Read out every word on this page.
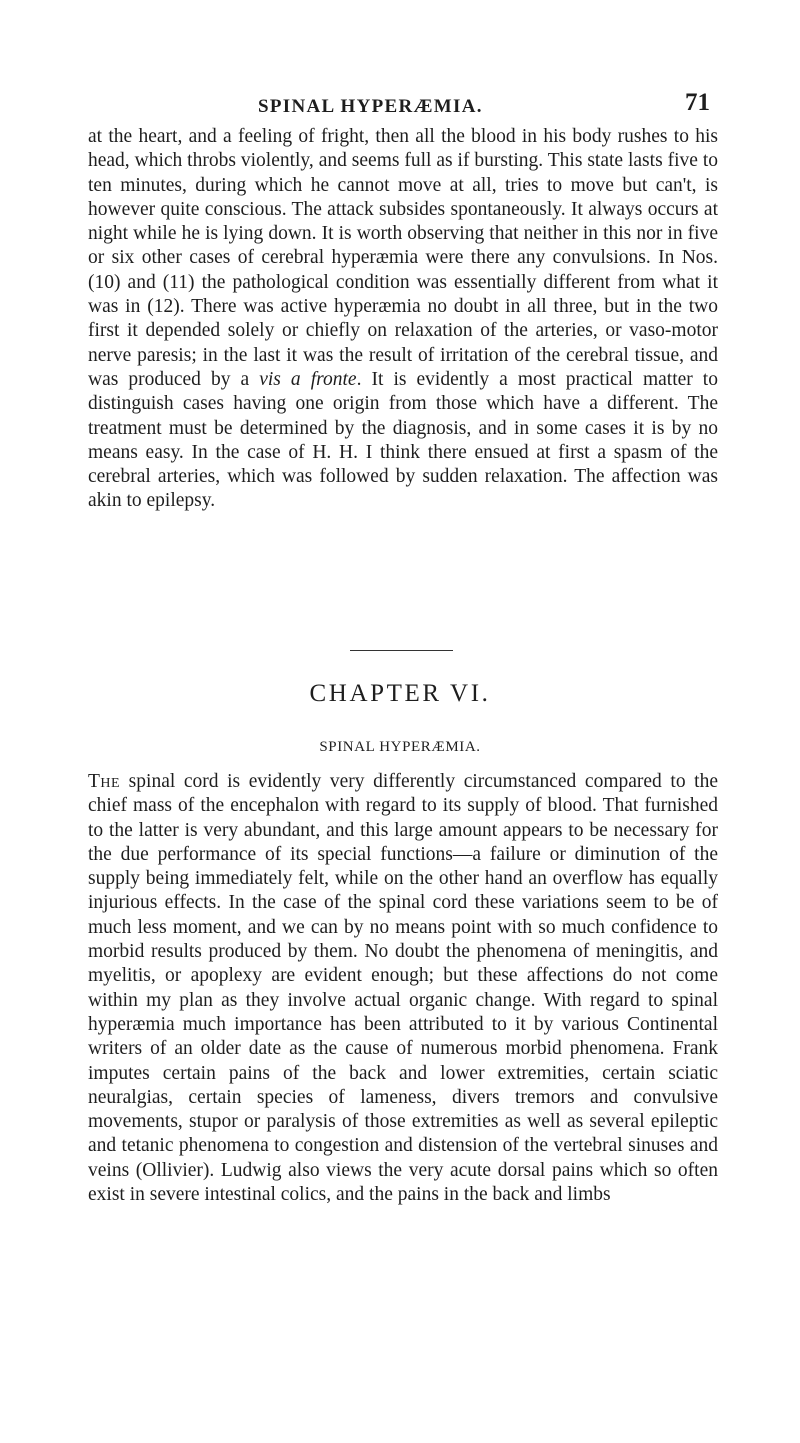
SPINAL HYPERÆMIA.	71

at the heart, and a feeling of fright, then all the blood in his body rushes to his head, which throbs violently, and seems full as if bursting. This state lasts five to ten minutes, during which he cannot move at all, tries to move but can't, is however quite conscious. The attack subsides spontaneously. It always occurs at night while he is lying down. It is worth observing that neither in this nor in five or six other cases of cerebral hyperæmia were there any convulsions. In Nos. (10) and (11) the pathological condition was essentially different from what it was in (12). There was active hyperæmia no doubt in all three, but in the two first it depended solely or chiefly on relaxation of the arteries, or vaso-motor nerve paresis; in the last it was the result of irritation of the cerebral tissue, and was produced by a vis a fronte. It is evidently a most practical matter to distinguish cases having one origin from those which have a different. The treatment must be determined by the diagnosis, and in some cases it is by no means easy. In the case of H. H. I think there ensued at first a spasm of the cerebral arteries, which was followed by sudden relaxation. The affection was akin to epilepsy.

CHAPTER VI.
SPINAL HYPERÆMIA.

The spinal cord is evidently very differently circumstanced compared to the chief mass of the encephalon with regard to its supply of blood. That furnished to the latter is very abundant, and this large amount appears to be necessary for the due performance of its special functions—a failure or diminution of the supply being immediately felt, while on the other hand an overflow has equally injurious effects. In the case of the spinal cord these variations seem to be of much less moment, and we can by no means point with so much confidence to morbid results produced by them. No doubt the phenomena of meningitis, and myelitis, or apoplexy are evident enough; but these affections do not come within my plan as they involve actual organic change. With regard to spinal hyperæmia much importance has been attributed to it by various Continental writers of an older date as the cause of numerous morbid phenomena. Frank imputes certain pains of the back and lower extremities, certain sciatic neuralgias, certain species of lameness, divers tremors and convulsive movements, stupor or paralysis of those extremities as well as several epileptic and tetanic phenomena to congestion and distension of the vertebral sinuses and veins (Ollivier). Ludwig also views the very acute dorsal pains which so often exist in severe intestinal colics, and the pains in the back and limbs
